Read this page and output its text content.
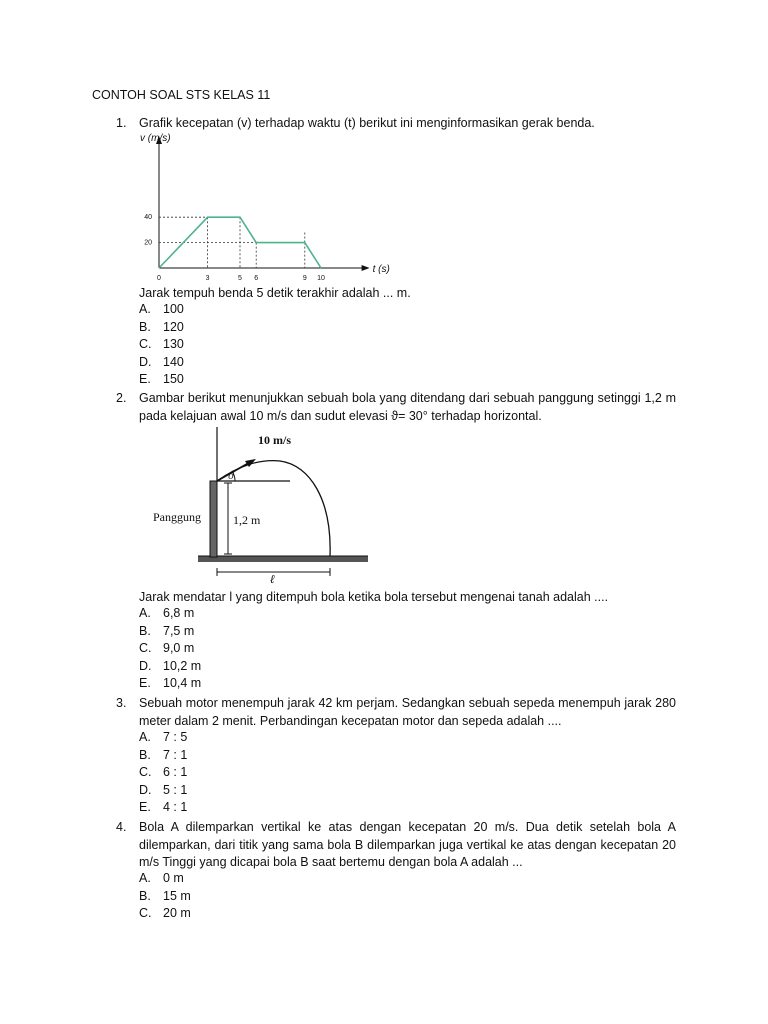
CONTOH SOAL STS KELAS 11
1. Grafik kecepatan (v) terhadap waktu (t) berikut ini menginformasikan gerak benda.
0	3	5 6	9 10
20
40
v (m/s)
t (s)
Jarak tempuh benda 5 detik terakhir adalah ... m.
A. 100
B. 120
C. 130
D. 140
E. 150
2. Gambar berikut menunjukkan sebuah bola yang ditendang dari sebuah panggung setinggi 1,2 m pada kelajuan awal 10 m/s dan sudut elevasi ϑ= 30° terhadap horizontal.
10 m/s
ϑ
1,2 m
Panggung
ℓ
Jarak mendatar l yang ditempuh bola ketika bola tersebut mengenai tanah adalah ....
A. 6,8 m
B. 7,5 m
C. 9,0 m
D. 10,2 m
E. 10,4 m
3. Sebuah motor menempuh jarak 42 km perjam. Sedangkan sebuah sepeda menempuh jarak 280 meter dalam 2 menit. Perbandingan kecepatan motor dan sepeda adalah ....
A. 7 : 5
B. 7 : 1
C. 6 : 1
D. 5 : 1
E. 4 : 1
4. Bola A dilemparkan vertikal ke atas dengan kecepatan 20 m/s. Dua detik setelah bola A dilemparkan, dari titik yang sama bola B dilemparkan juga vertikal ke atas dengan kecepatan 20 m/s Tinggi yang dicapai bola B saat bertemu dengan bola A adalah ...
A. 0 m
B. 15 m
C. 20 m
